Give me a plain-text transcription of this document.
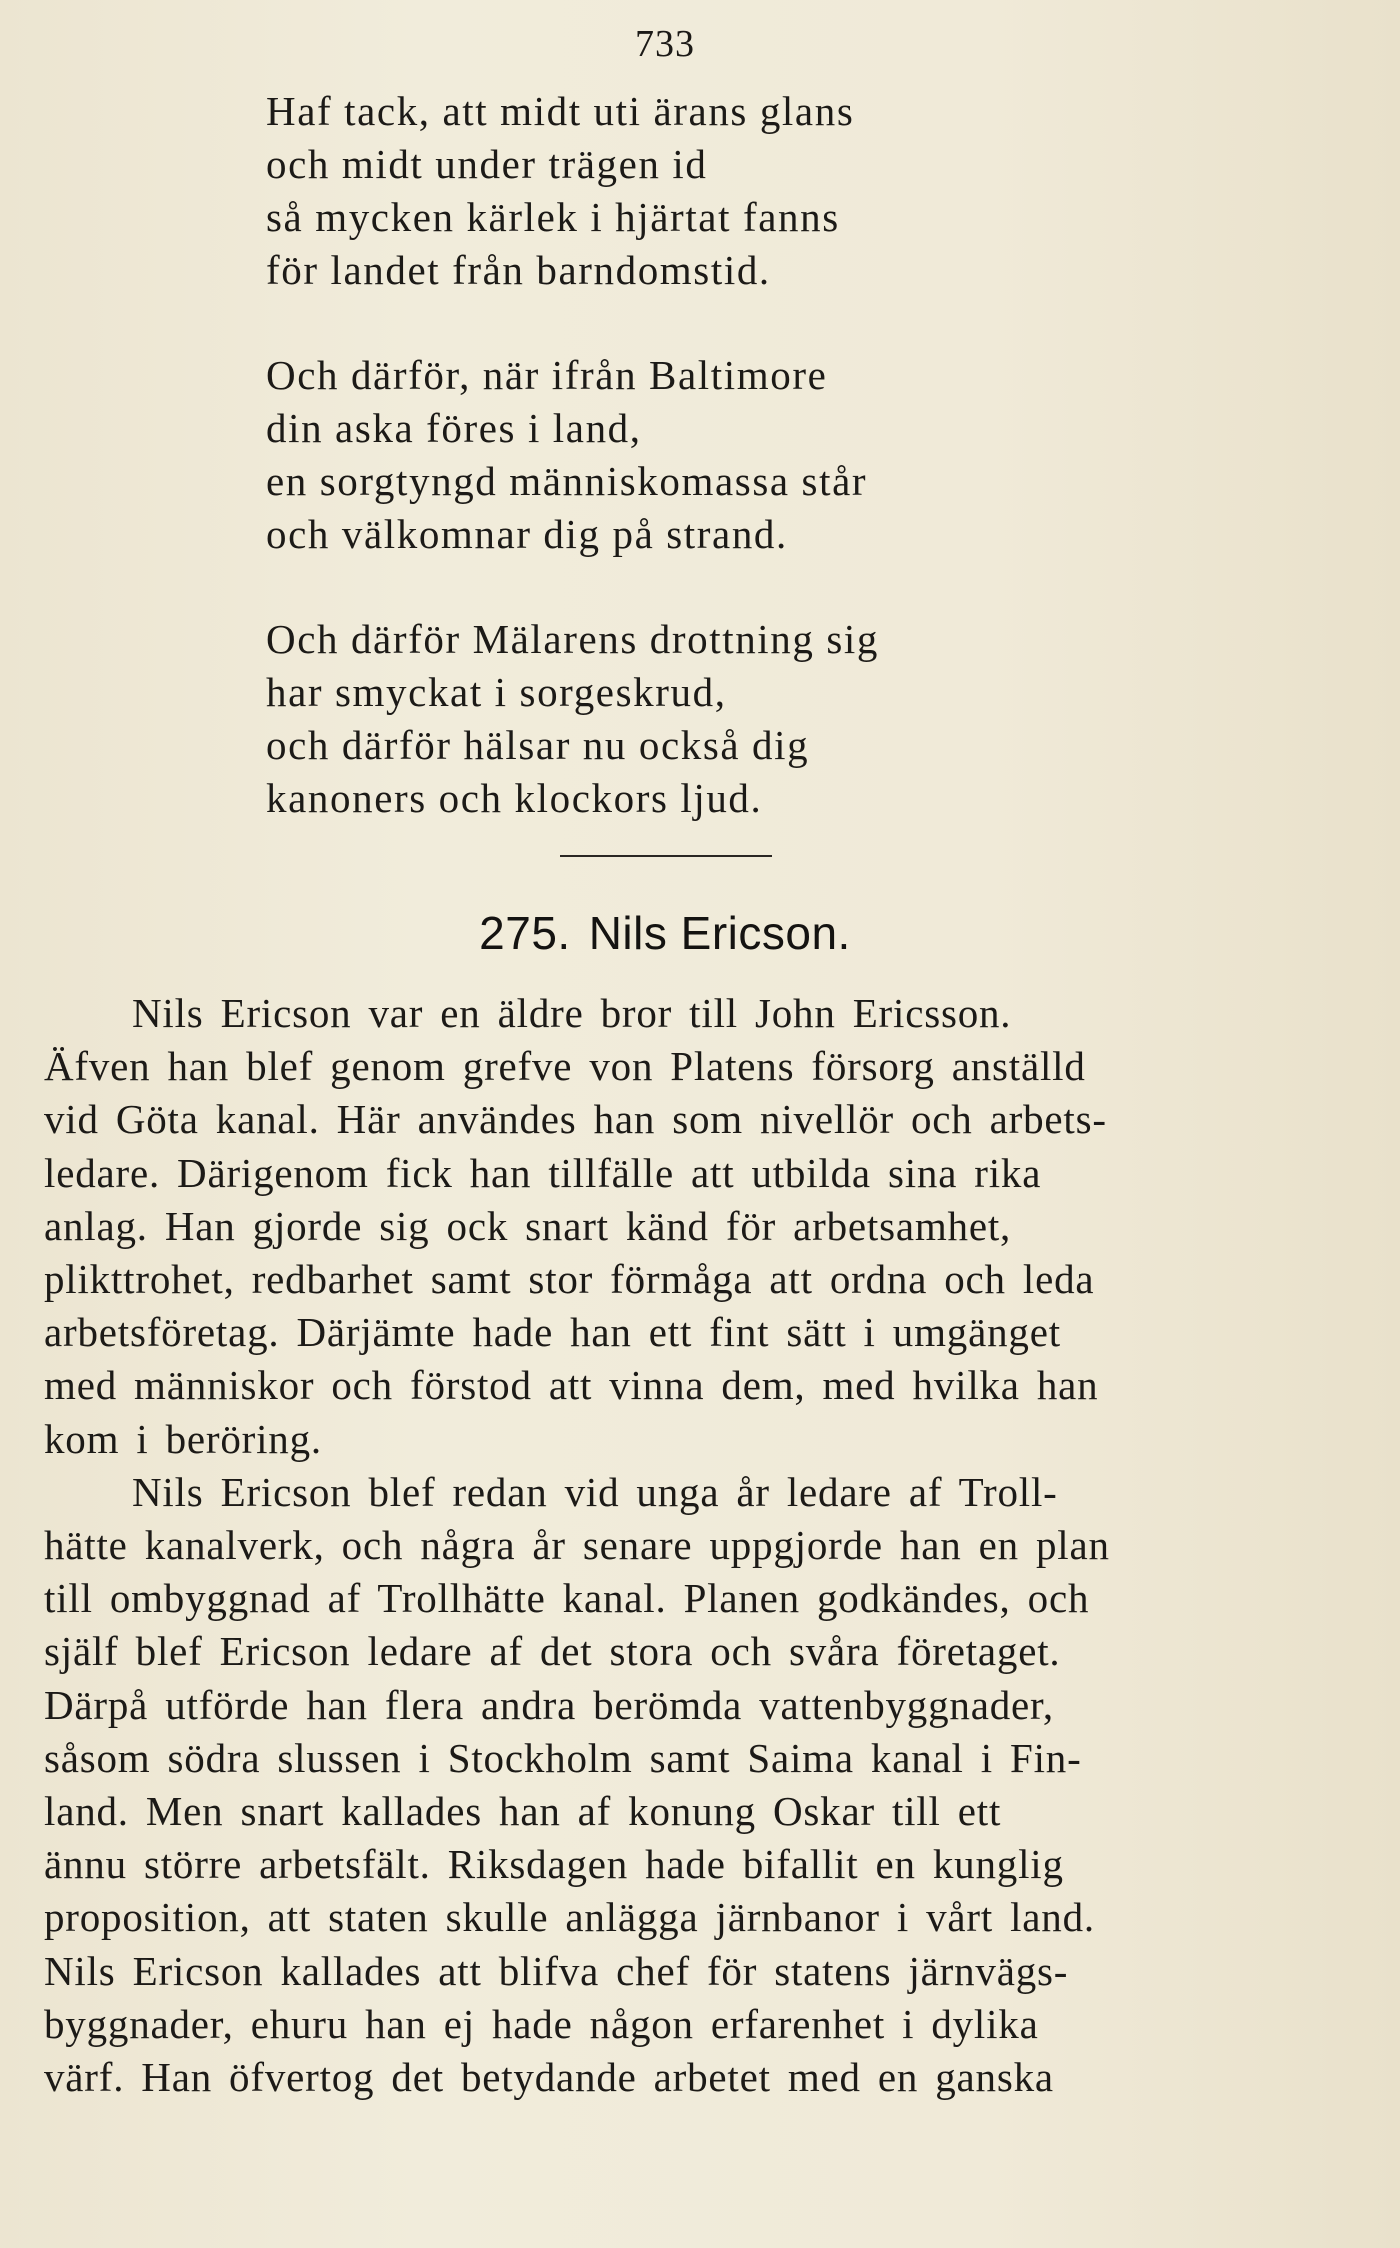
733
Haf tack, att midt uti ärans glans
och midt under trägen id
så mycken kärlek i hjärtat fanns
för landet från barndomstid.
Och därför, när ifrån Baltimore
din aska föres i land,
en sorgtyngd människomassa står
och välkomnar dig på strand.
Och därför Mälarens drottning sig
har smyckat i sorgeskrud,
och därför hälsar nu också dig
kanoners och klockors ljud.
275. Nils Ericson.
Nils Ericson var en äldre bror till John Ericsson.
Äfven han blef genom grefve von Platens försorg anställd
vid Göta kanal. Här användes han som nivellör och arbets-
ledare. Därigenom fick han tillfälle att utbilda sina rika
anlag. Han gjorde sig ock snart känd för arbetsamhet,
plikttrohet, redbarhet samt stor förmåga att ordna och leda
arbetsföretag. Därjämte hade han ett fint sätt i umgänget
med människor och förstod att vinna dem, med hvilka han
kom i beröring.
Nils Ericson blef redan vid unga år ledare af Troll-
hätte kanalverk, och några år senare uppgjorde han en plan
till ombyggnad af Trollhätte kanal. Planen godkändes, och
själf blef Ericson ledare af det stora och svåra företaget.
Därpå utförde han flera andra berömda vattenbyggnader,
såsom södra slussen i Stockholm samt Saima kanal i Fin-
land. Men snart kallades han af konung Oskar till ett
ännu större arbetsfält. Riksdagen hade bifallit en kunglig
proposition, att staten skulle anlägga järnbanor i vårt land.
Nils Ericson kallades att blifva chef för statens järnvägs-
byggnader, ehuru han ej hade någon erfarenhet i dylika
värf. Han öfvertog det betydande arbetet med en ganska
